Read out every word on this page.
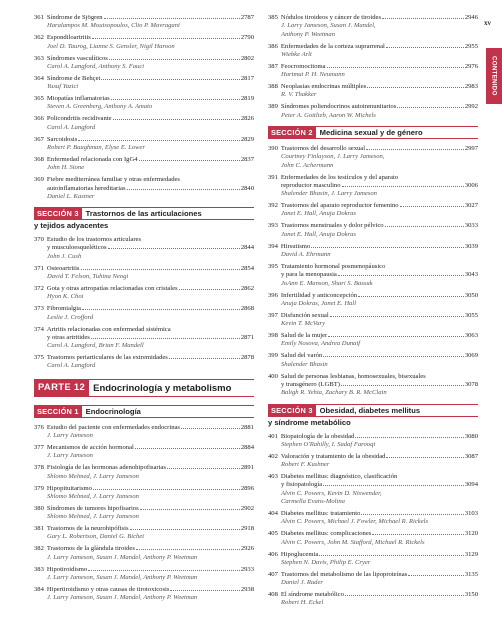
xv
CONTENIDO
361 Síndrome de Sjögren	2787
Haralampos M. Moutsopoulos, Clio P. Mavragani
362 Espondiloartritis	2790
Joel D. Taurog, Lianne S. Gensler, Nigil Haroon
363 Síndromes vasculíticos	2802
Carol A. Langford, Anthony S. Fauci
364 Síndrome de Behçet	2817
Yusuf Yazici
365 Miopatías inflamatorias	2819
Steven A. Greenberg, Anthony A. Amato
366 Policondritis recidivante	2826
Carol A. Langford
367 Sarcoidosis	2829
Robert P. Baughman, Elyse E. Lower
368 Enfermedad relacionada con IgG4	2837
John H. Stone
369 Fiebre mediterránea familiar y otras enfermedades
autoinflamatorias hereditarias	2840
Daniel L. Kastner
SECCIÓN 3 Trastornos de las articulaciones
y tejidos adyacentes
370 Estudio de los trastornos articulares
y musculoesqueléticos	2844
John J. Cush
371 Osteoartritis	2854
David T. Felson, Tuhina Neogi
372 Gota y otras artropatías relacionadas con cristales	2862
Hyon K. Choi
373 Fibromialgia	2868
Leslie J. Crofford
374 Artritis relacionadas con enfermedad sistémica
y otras artritides	2871
Carol A. Langford, Brian F. Mandell
375 Trastornos periarticulares de las extremidades	2878
Carol A. Langford
PARTE 12 Endocrinología y metabolismo
SECCIÓN 1 Endocrinología
376 Estudio del paciente con enfermedades endocrinas	2881
J. Larry Jameson
377 Mecanismos de acción hormonal	2884
J. Larry Jameson
378 Fisiología de las hormonas adenohipofisarias	2891
Shlomo Melmed, J. Larry Jameson
379 Hipopituitarismo	2896
Shlomo Melmed, J. Larry Jameson
380 Síndromes de tumores hipofisarios	2902
Shlomo Melmed, J. Larry Jameson
381 Trastornos de la neurohipófisis	2918
Gary L. Robertson, Daniel G. Bichet
382 Trastornos de la glándula tiroides	2926
J. Larry Jameson, Susan J. Mandel, Anthony P. Weetman
383 Hipotiroidismo	2933
J. Larry Jameson, Susan J. Mandel, Anthony P. Weetman
384 Hipertiroidismo y otras causas de tirotoxicosis	2938
J. Larry Jameson, Susan J. Mandel, Anthony P. Weetman
385 Nódulos tiroideos y cáncer de tiroides	2946
J. Larry Jameson, Susan J. Mandel,
Anthony P. Weetman
386 Enfermedades de la corteza suprarrenal	2955
Wiebke Arlt
387 Feocromocitoma	2976
Hartmut P. H. Neumann
388 Neoplasias endocrinas múltiples	2983
R. V. Thakker
389 Síndromes poliendocrinos autoinmunitarios	2992
Peter A. Gottlieb, Aaron W. Michels
SECCIÓN 2 Medicina sexual y de género
390 Trastornos del desarrollo sexual	2997
Courtney Finlayson, J. Larry Jameson,
John C. Achermann
391 Enfermedades de los testículos y del aparato
reproductor masculino	3006
Shalender Bhasin, J. Larry Jameson
392 Trastornos del aparato reproductor femenino	3027
Janet E. Hall, Anuja Dokras
393 Trastornos menstruales y dolor pélvico	3033
Janet E. Hall, Anuja Dokras
394 Hirsutismo	3039
David A. Ehrmann
395 Tratamiento hormonal posmenopáusico
y para la menopausia	3043
JoAnn E. Manson, Shari S. Bassuk
396 Infertilidad y anticoncepción	3050
Anuja Dokras, Janet E. Hall
397 Disfunción sexual	3055
Kevin T. McVary
398 Salud de la mujer	3063
Emily Nosova, Andrea Dunaif
399 Salud del varón	3069
Shalender Bhasin
400 Salud de personas lesbianas, homosexuales, bisexuales
y transgénero (LGBT)	3078
Baligh R. Yehia, Zachary B. R. McClain
SECCIÓN 3 Obesidad, diabetes mellitus
y síndrome metabólico
401 Biopatología de la obesidad	3080
Stephen O'Rahilly, I. Sadaf Farooqi
402 Valoración y tratamiento de la obesidad	3087
Robert F. Kushner
403 Diabetes mellitus: diagnóstico, clasificación
y fisiopatología	3094
Alvin C. Powers, Kevin D. Niswender,
Carmella Evans-Molina
404 Diabetes mellitus: tratamiento	3103
Alvin C. Powers, Michael J. Fowler, Michael R. Rickels
405 Diabetes mellitus: complicaciones	3120
Alvin C. Powers, John M. Stafford, Michael R. Rickels
406 Hipoglucemia	3129
Stephen N. Davis, Philip E. Cryer
407 Trastornos del metabolismo de las lipoproteínas	3135
Daniel J. Rader
408 El síndrome metabólico	3150
Robert H. Eckel
